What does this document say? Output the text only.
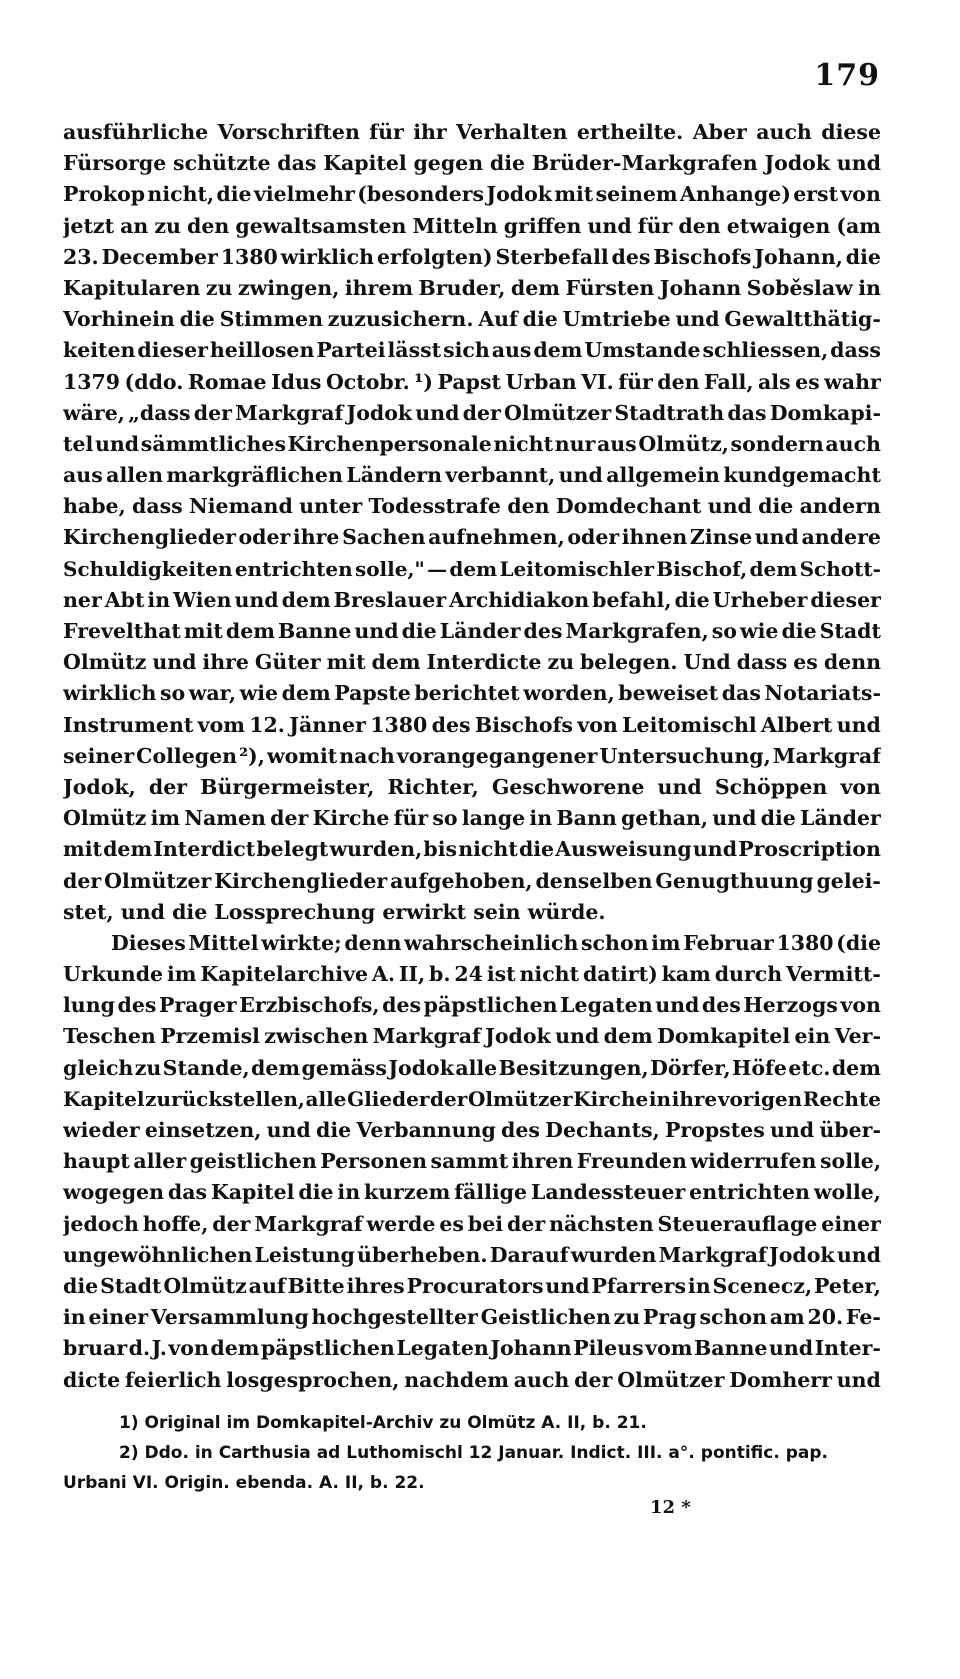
179
ausführliche Vorschriften für ihr Verhalten ertheilte. Aber auch diese
Fürsorge schützte das Kapitel gegen die Brüder-Markgrafen Jodok und
Prokop nicht, die vielmehr (besonders Jodok mit seinem Anhange) erst von
jetzt an zu den gewaltsamsten Mitteln griffen und für den etwaigen (am
23. December 1380 wirklich erfolgten) Sterbefall des Bischofs Johann, die
Kapitularen zu zwingen, ihrem Bruder, dem Fürsten Johann Soběslaw in
Vorhinein die Stimmen zuzusichern. Auf die Umtriebe und Gewaltthätig-
keiten dieser heillosen Partei lässt sich aus dem Umstande schliessen, dass
1379 (ddo. Romae Idus Octobr. ¹) Papst Urban VI. für den Fall, als es wahr
wäre, „dass der Markgraf Jodok und der Olmützer Stadtrath das Domkapi-
tel und sämmtliches Kirchenpersonale nicht nur aus Olmütz, sondern auch
aus allen markgräflichen Ländern verbannt, und allgemein kundgemacht
habe, dass Niemand unter Todesstrafe den Domdechant und die andern
Kirchenglieder oder ihre Sachen aufnehmen, oder ihnen Zinse und andere
Schuldigkeiten entrichten solle," — dem Leitomischler Bischof, dem Schott-
ner Abt in Wien und dem Breslauer Archidiakon befahl, die Urheber dieser
Frevelthat mit dem Banne und die Länder des Markgrafen, so wie die Stadt
Olmütz und ihre Güter mit dem Interdicte zu belegen. Und dass es denn
wirklich so war, wie dem Papste berichtet worden, beweiset das Notariats-
Instrument vom 12. Jänner 1380 des Bischofs von Leitomischl Albert und
seiner Collegen ²), womit nach vorangegangener Untersuchung, Markgraf
Jodok, der Bürgermeister, Richter, Geschworene und Schöppen von
Olmütz im Namen der Kirche für so lange in Bann gethan, und die Länder
mit dem Interdict belegt wurden, bis nicht die Ausweisung und Proscription
der Olmützer Kirchenglieder aufgehoben, denselben Genugthuung gelei-
stet, und die Lossprechung erwirkt sein würde.
Dieses Mittel wirkte; denn wahrscheinlich schon im Februar 1380 (die
Urkunde im Kapitelarchive A. II, b. 24 ist nicht datirt) kam durch Vermitt-
lung des Prager Erzbischofs, des päpstlichen Legaten und des Herzogs von
Teschen Przemisl zwischen Markgraf Jodok und dem Domkapitel ein Ver-
gleich zu Stande, dem gemäss Jodok alle Besitzungen, Dörfer, Höfe etc. dem
Kapitel zurückstellen, alle Glieder der Olmützer Kirche in ihre vorigen Rechte
wieder einsetzen, und die Verbannung des Dechants, Propstes und über-
haupt aller geistlichen Personen sammt ihren Freunden widerrufen solle,
wogegen das Kapitel die in kurzem fällige Landessteuer entrichten wolle,
jedoch hoffe, der Markgraf werde es bei der nächsten Steuerauflage einer
ungewöhnlichen Leistung überheben. Darauf wurden Markgraf Jodok und
die Stadt Olmütz auf Bitte ihres Procurators und Pfarrers in Scenecz, Peter,
in einer Versammlung hochgestellter Geistlichen zu Prag schon am 20. Fe-
bruar d. J. von dem päpstlichen Legaten Johann Pileus vom Banne und Inter-
dicte feierlich losgesprochen, nachdem auch der Olmützer Domherr und
1) Original im Domkapitel-Archiv zu Olmütz A. II, b. 21.
2) Ddo. in Carthusia ad Luthomischl 12 Januar. Indict. III. a°. pontific. pap.
Urbani VI. Origin. ebenda. A. II, b. 22.
12 *
